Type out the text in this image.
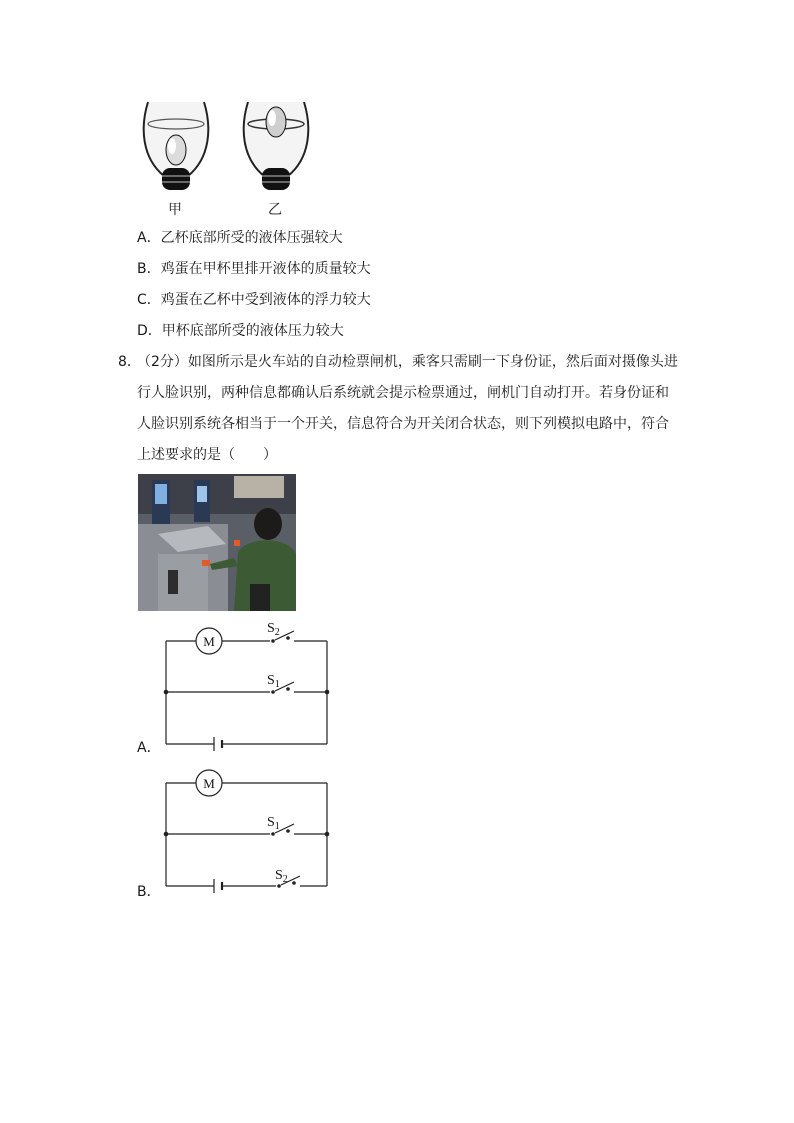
甲	乙
A．乙杯底部所受的液体压强较大
B．鸡蛋在甲杯里排开液体的质量较大
C．鸡蛋在乙杯中受到液体的浮力较大
D．甲杯底部所受的液体压力较大
8．
（2分）如图所示是火车站的自动检票闸机，乘客只需刷一下身份证，然后面对摄像头进
行人脸识别，两种信息都确认后系统就会提示检票通过，闸机门自动打开。若身份证和
人脸识别系统各相当于一个开关，信息符合为开关闭合状态，则下列模拟电路中，符合
上述要求的是（　　）
M
$S_2$
$S_1$
A．
M
$S_1$
$S_2$
B．
